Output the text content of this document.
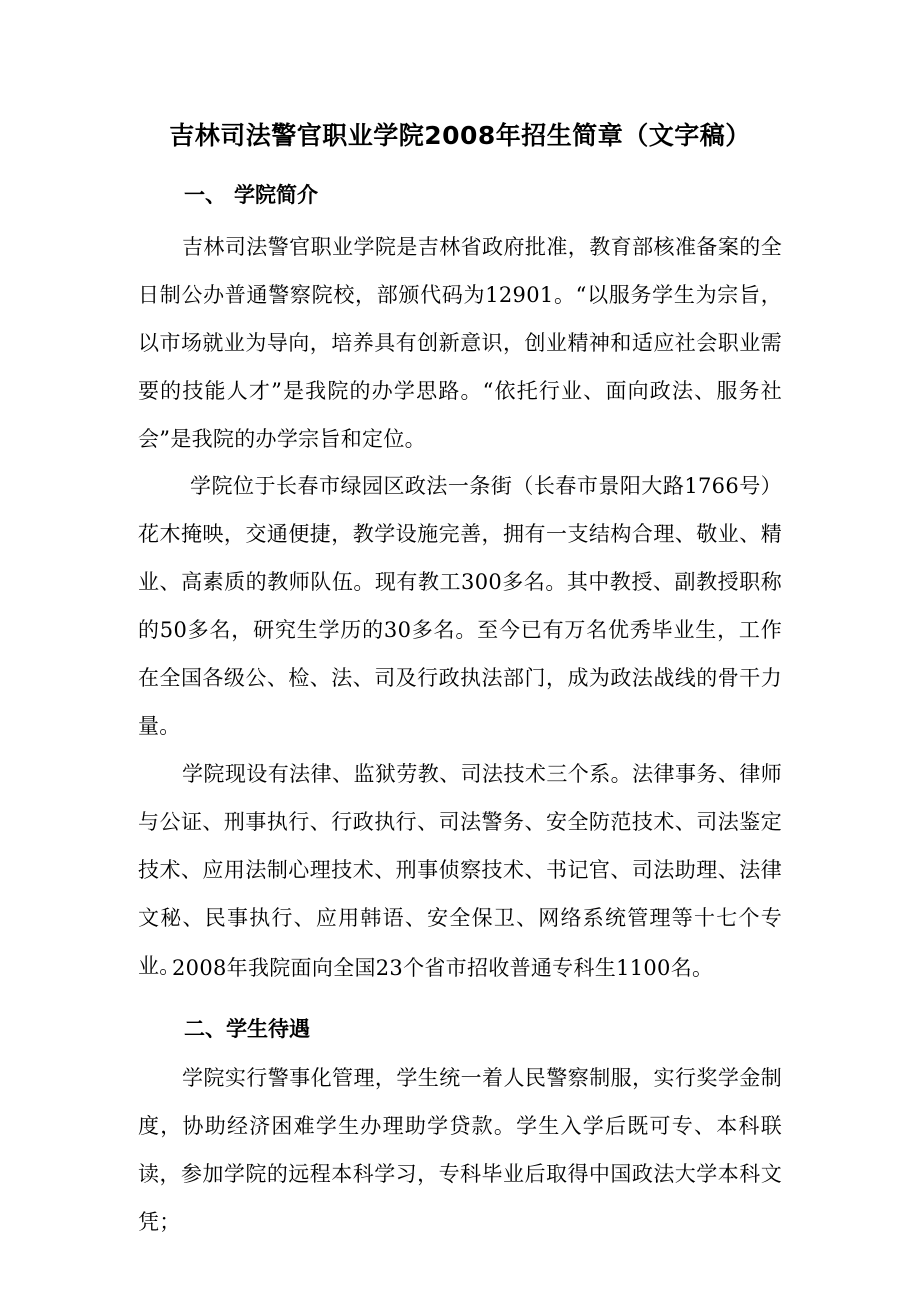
吉林司法警官职业学院2008年招生简章（文字稿）
一、 学院简介
吉林司法警官职业学院是吉林省政府批准，教育部核准备案的全日制公办普通警察院校，部颁代码为12901。“以服务学生为宗旨，以市场就业为导向，培养具有创新意识，创业精神和适应社会职业需要的技能人才”是我院的办学思路。“依托行业、面向政法、服务社会”是我院的办学宗旨和定位。
学院位于长春市绿园区政法一条街（长春市景阳大路1766号）花木掩映，交通便捷，教学设施完善，拥有一支结构合理、敬业、精业、高素质的教师队伍。现有教工300多名。其中教授、副教授职称的50多名，研究生学历的30多名。至今已有万名优秀毕业生，工作在全国各级公、检、法、司及行政执法部门，成为政法战线的骨干力量。
学院现设有法律、监狱劳教、司法技术三个系。法律事务、律师与公证、刑事执行、行政执行、司法警务、安全防范技术、司法鉴定技术、应用法制心理技术、刑事侦察技术、书记官、司法助理、法律文秘、民事执行、应用韩语、安全保卫、网络系统管理等十七个专业。
2008年我院面向全国23个省市招收普通专科生1100名。
二、学生待遇
学院实行警事化管理，学生统一着人民警察制服，实行奖学金制度，协助经济困难学生办理助学贷款。学生入学后既可专、本科联读，参加学院的远程本科学习，专科毕业后取得中国政法大学本科文凭；
